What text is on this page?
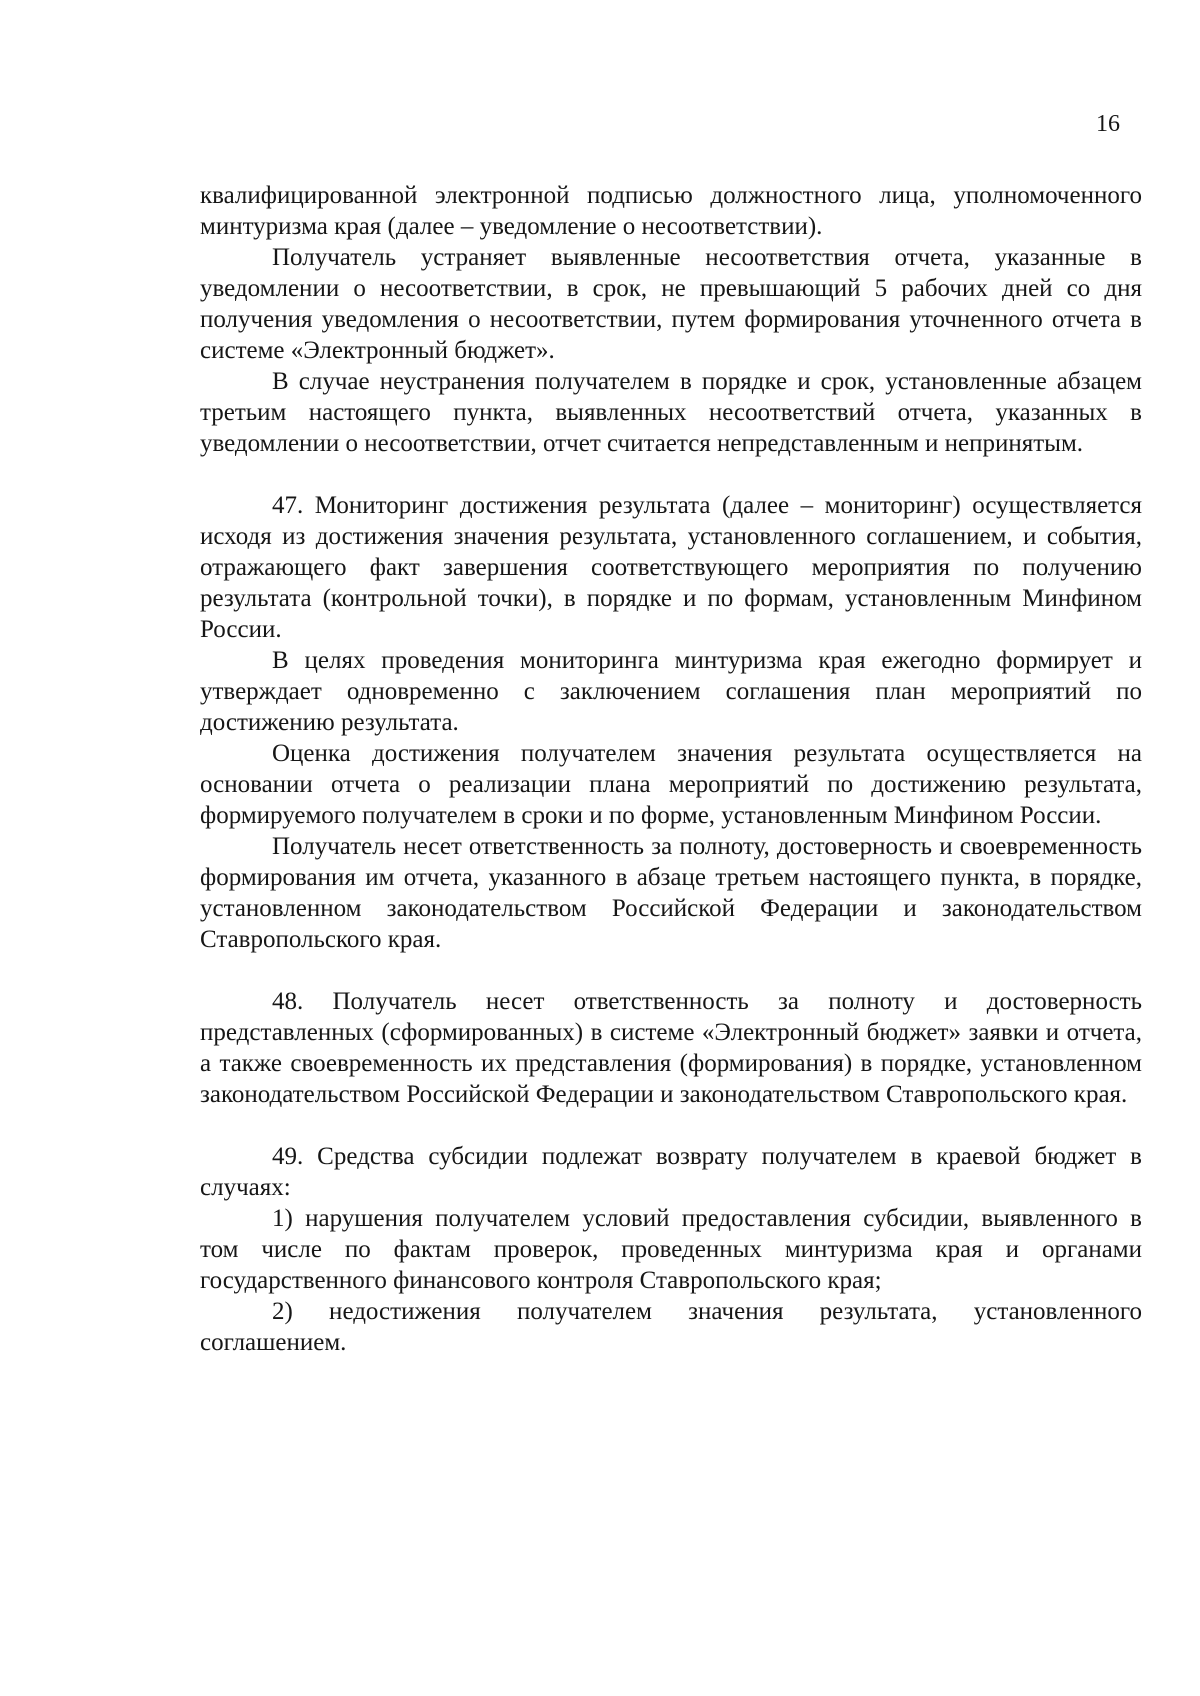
16

квалифицированной электронной подписью должностного лица, уполномоченного минтуризма края (далее – уведомление о несоответствии).

Получатель устраняет выявленные несоответствия отчета, указанные в уведомлении о несоответствии, в срок, не превышающий 5 рабочих дней со дня получения уведомления о несоответствии, путем формирования уточненного отчета в системе «Электронный бюджет».

В случае неустранения получателем в порядке и срок, установленные абзацем третьим настоящего пункта, выявленных несоответствий отчета, указанных в уведомлении о несоответствии, отчет считается непредставленным и непринятым.

47. Мониторинг достижения результата (далее – мониторинг) осуществляется исходя из достижения значения результата, установленного соглашением, и события, отражающего факт завершения соответствующего мероприятия по получению результата (контрольной точки), в порядке и по формам, установленным Минфином России.

В целях проведения мониторинга минтуризма края ежегодно формирует и утверждает одновременно с заключением соглашения план мероприятий по достижению результата.

Оценка достижения получателем значения результата осуществляется на основании отчета о реализации плана мероприятий по достижению результата, формируемого получателем в сроки и по форме, установленным Минфином России.

Получатель несет ответственность за полноту, достоверность и своевременность формирования им отчета, указанного в абзаце третьем настоящего пункта, в порядке, установленном законодательством Российской Федерации и законодательством Ставропольского края.

48. Получатель несет ответственность за полноту и достоверность представленных (сформированных) в системе «Электронный бюджет» заявки и отчета, а также своевременность их представления (формирования) в порядке, установленном законодательством Российской Федерации и законодательством Ставропольского края.

49. Средства субсидии подлежат возврату получателем в краевой бюджет в случаях:

1) нарушения получателем условий предоставления субсидии, выявленного в том числе по фактам проверок, проведенных минтуризма края и органами государственного финансового контроля Ставропольского края;

2) недостижения получателем значения результата, установленного соглашением.
